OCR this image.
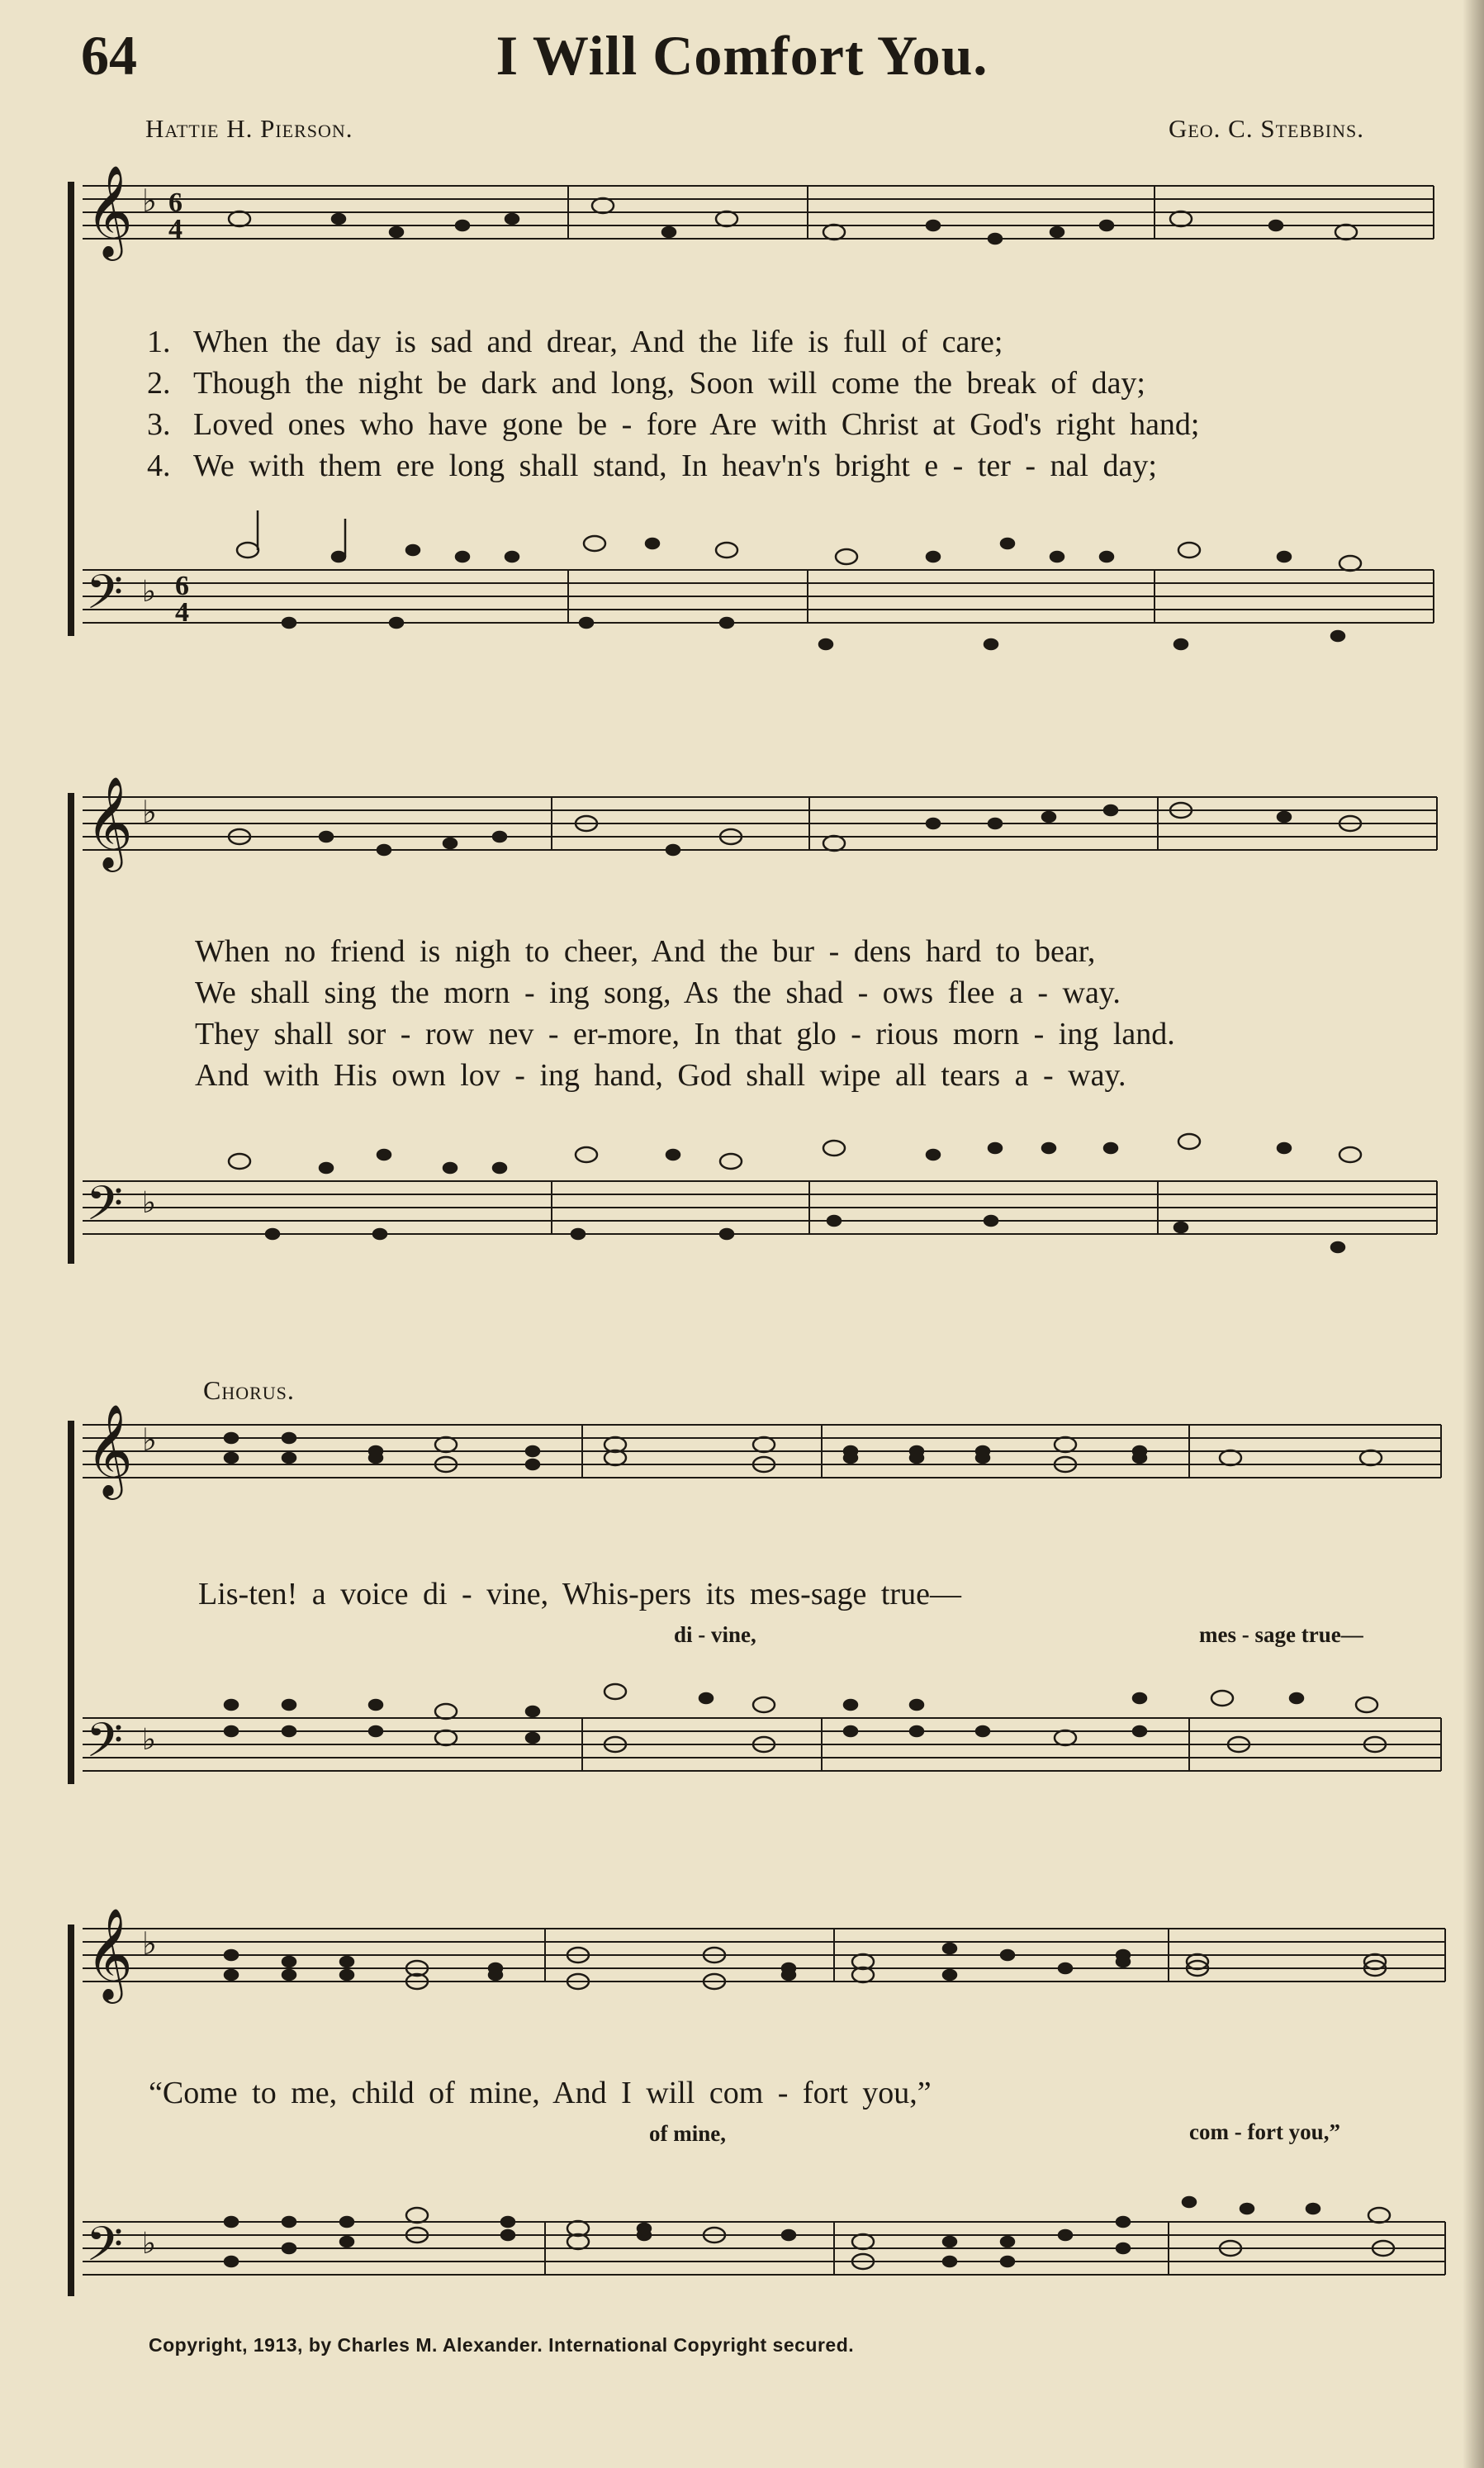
I Will Comfort You.
64
Hattie H. Pierson.	Geo. C. Stebbins.
𝄞 ♭ 6
4
1. When the day is sad and drear, And the life is full of care;
2. Though the night be dark and long, Soon will come the break of day;
3. Loved ones who have gone be - fore Are with Christ at God's right hand;
4. We with them ere long shall stand, In heav'n's bright e - ter - nal day;
𝄢 ♭ 6
4
𝄞 ♭
When no friend is nigh to cheer, And the bur - dens hard to bear,
We shall sing the morn - ing song, As the shad - ows flee a - way.
They shall sor - row nev - er-more, In that glo - rious morn - ing land.
And with His own lov - ing hand, God shall wipe all tears a - way.
𝄢 ♭
Chorus.
𝄞 ♭
Lis-ten! a voice di - vine, Whis-pers its mes-sage true—
di - vine,	mes - sage true—
𝄢 ♭
𝄞 ♭
“Come to me, child of mine, And I will com - fort you,”
of mine,	com - fort you,”
𝄢 ♭
Copyright, 1913, by Charles M. Alexander. International Copyright secured.
